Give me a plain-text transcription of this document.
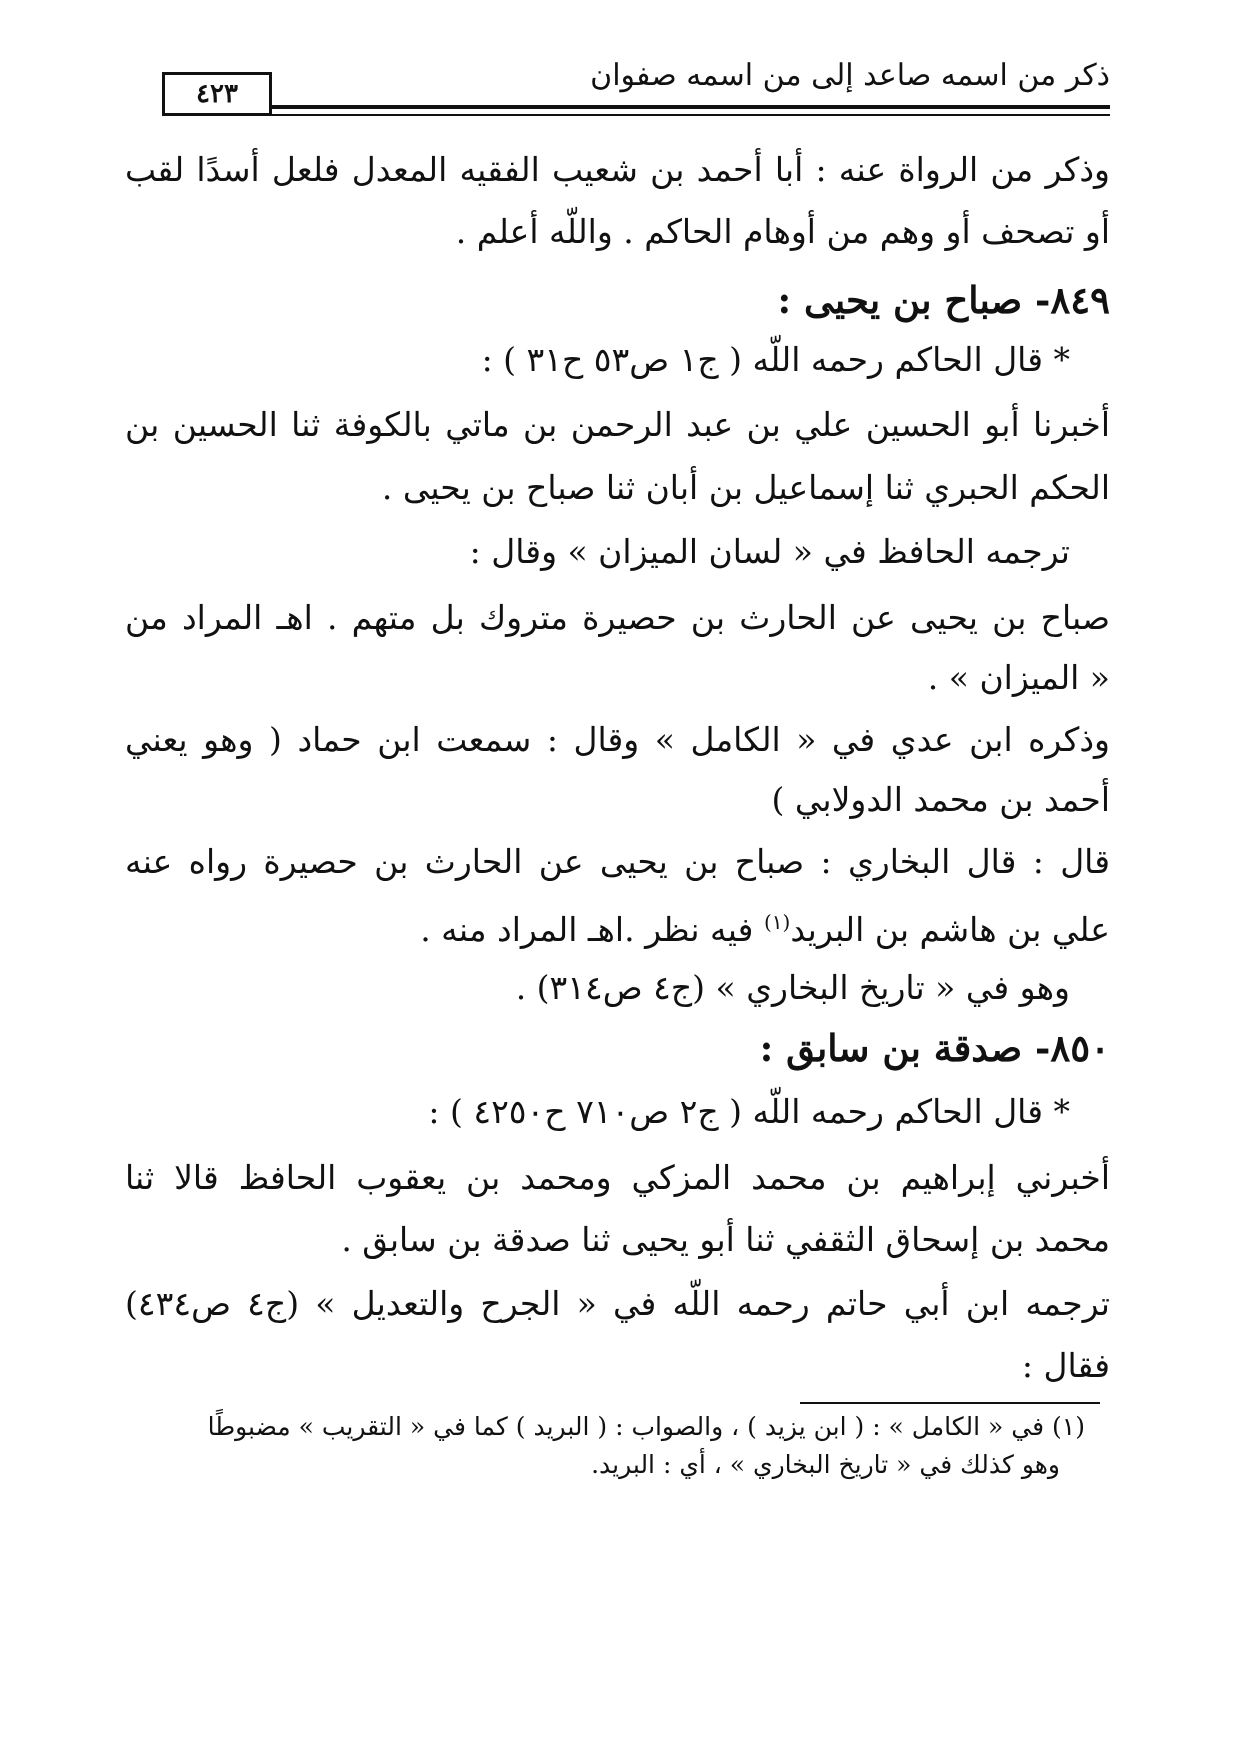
٤٢٣
ذكر من اسمه صاعد إلى من اسمه صفوان
وذكر من الرواة عنه : أبا أحمد بن شعيب الفقيه المعدل فلعل أسدًا لقب
أو تصحف أو وهم من أوهام الحاكم . واللّه أعلم .
٨٤٩- صباح بن يحيى :
* قال الحاكم رحمه اللّه ( ج١ ص٥٣ ح٣١ ) :
أخبرنا أبو الحسين علي بن عبد الرحمن بن ماتي بالكوفة ثنا الحسين بن
الحكم الحبري ثنا إسماعيل بن أبان ثنا صباح بن يحيى .
ترجمه الحافظ في « لسان الميزان » وقال :
صباح بن يحيى عن الحارث بن حصيرة متروك بل متهم . اهـ المراد من
« الميزان » .
وذكره ابن عدي في « الكامل » وقال : سمعت ابن حماد ( وهو يعني
أحمد بن محمد الدولابي )
قال : قال البخاري : صباح بن يحيى عن الحارث بن حصيرة رواه عنه
علي بن هاشم بن البريد$^{(١)}$ فيه نظر .اهـ المراد منه .
وهو في « تاريخ البخاري » (ج٤ ص٣١٤) .
٨٥٠- صدقة بن سابق :
* قال الحاكم رحمه اللّه ( ج٢ ص٧١٠ ح٤٢٥٠ ) :
أخبرني إبراهيم بن محمد المزكي ومحمد بن يعقوب الحافظ قالا ثنا
محمد بن إسحاق الثقفي ثنا أبو يحيى ثنا صدقة بن سابق .
ترجمه ابن أبي حاتم رحمه اللّه في « الجرح والتعديل » (ج٤ ص٤٣٤)
فقال :
(١) في « الكامل » : ( ابن يزيد ) ، والصواب : ( البريد ) كما في « التقريب » مضبوطًا
وهو كذلك في « تاريخ البخاري » ، أي : البريد.
